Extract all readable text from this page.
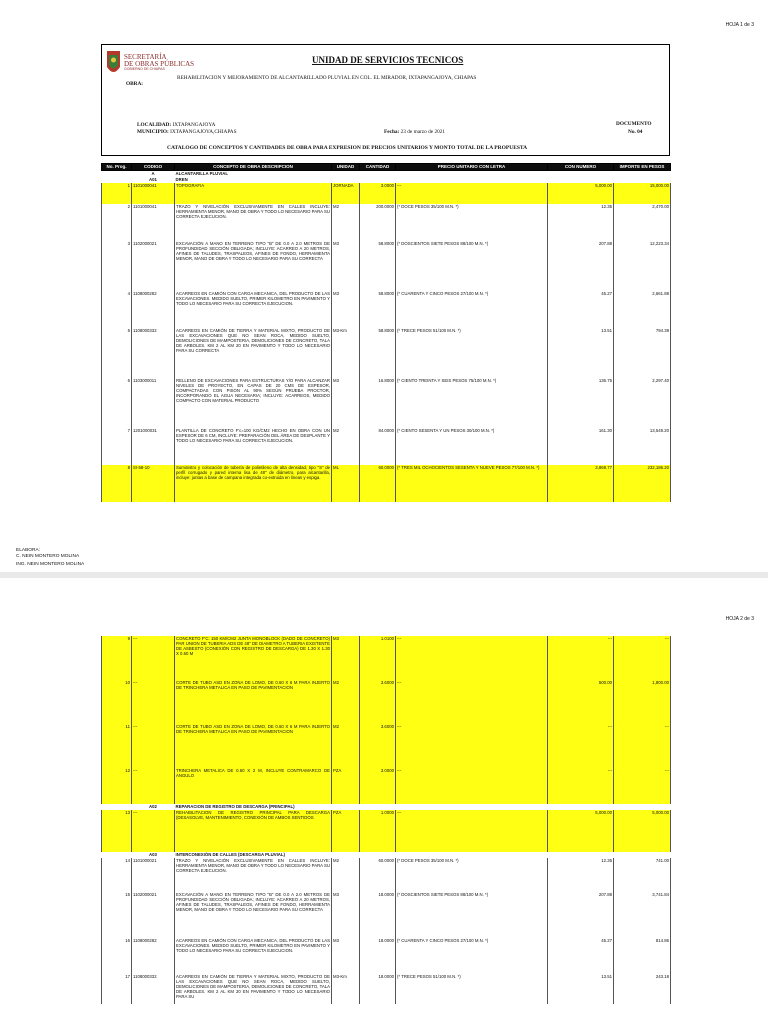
HOJA 1 de 3
SECRETARÍA
DE OBRAS PÚBLICAS
GOBIERNO DE CHIAPAS
UNIDAD DE SERVICIOS TECNICOS
OBRA:
REHABILITACION Y MEJORAMIENTO DE ALCANTARILLADO PLUVIAL EN COL. EL MIRADOR, IXTAPANGAJOYA, CHIAPAS
LOCALIDAD: IXTAPANGAJOYA
MUNICIPIO: IXTAPANGAJOYA,CHIAPAS	Fecha: 23 de marzo de 2021
DOCUMENTO
No. 04
CATALOGO DE CONCEPTOS Y CANTIDADES DE OBRA PARA EXPRESION DE PRECIOS UNITARIOS Y MONTO TOTAL DE LA PROPUESTA
No. Prog.	CODIGO	CONCEPTO DE OBRA DESCRIPCION	UNIDAD	CANTIDAD	PRECIO UNITARIO CON LETRA	CON NUMERO	IMPORTE EN PESOS
	A	ALCANTARILLA PLUVIAL					
	A01	DREN					
1	1101000041	TOPOGRAFIA	JORNADA	3.0000	---	5,000.00	15,000.00
2	1101000041	TRAZO Y NIVELACIÓN EXCLUSIVAMENTE EN CALLES INCLUYE: HERRAMIENTA MENOR, MANO DE OBRA Y TODO LO NECESARIO PARA SU CORRECTA EJECUCION.	M2	200.0000	(* DOCE PESOS 35/100 M.N. *)	12.35	2,470.00
3	1102000021	EXCAVACIÓN A MANO EN TERRENO TIPO "B" DE 0.0 A 2.0 METROS DE PROFUNDIDAD SECCIÓN OBLIGADA; INCLUYE: ACARREO A 20 METROS, AFINES DE TALUDES, TRASPALEOS, AFINES DE FONDO, HERRAMIENTA MENOR, MANO DE OBRA Y TODO LO NECESARIO PARA SU CORRECTA	M3	58.8000	(* DOSCIENTOS SIETE PESOS 88/100 M.N. *)	207.88	12,223.34
4	1108000282	ACARREOS EN CAMIÓN CON CARGA MECANICA, DEL PRODUCTO DE LAS EXCAVACIONES. MEDIDO SUELTO, PRIMER KILOMETRO EN PAVIMENTO Y TODO LO NECESARIO PARA SU CORRECTA EJECUCION.	M3	58.8000	(* CUARENTA Y CINCO PESOS 27/100 M.N. *)	45.27	2,661.88
5	1108000332	ACARREOS EN CAMIÓN DE TIERRA Y MATERIAL MIXTO, PRODUCTO DE LAS EXCAVACIONES QUE NO SEAN ROCA, MEDIDO SUELTO, DEMOLICIONES DE MAMPOSTERIA, DEMOLICIONES DE CONCRETO, TALA DE ARBOLES. KM 2 AL KM 20 EN PAVIMENTO Y TODO LO NECESARIO PARA SU CORRECTA	M3-Km	58.8000	(* TRECE PESOS 51/100 M.N. *)	13.51	794.39
6	1103000011	RELLENO DE EXCAVACIONES PARA ESTRUCTURAS Y/O PARA ALCANZAR NIVELES DE PROYECTO, EN CAPAS DE 20 CMS DE ESPESOR, COMPACTADAS CON PISON AL 90% SEGÚN PRUEBA PROCTOR, INCORPORANDO EL AGUA NECESARIA; INCLUYE: ACARREOS, MEDIDO COMPACTO CON MATERIAL PRODUCTO	M3	16.8000	(* CIENTO TREINTA Y SEIS PESOS 75/100 M.N. *)	136.75	2,297.40
7	1201000031	PLANTILLA DE CONCRETO F'c=100 KG/CM2 HECHO EN OBRA CON UN ESPESOR DE 6 CM, INCLUYE: PREPARACIÓN DEL ÁREA DE DESPLANTE Y TODO LO NECESARIO PARA SU CORRECTA EJECUCION.	M2	84.0000	(* CIENTO SESENTA Y UN PESOS 30/100 M.N. *)	161.30	13,549.20
8	SI-58-10	Suministro y colocación de tubería de polietileno de alta densidad, tipo "S" de perfil corrugado y pared interna lisa de 48" de diámetro, para alcantarilla, incluye: juntas a base de campana integrada co-extruida en lineas y espiga.	ML	60.0000	(* TRES MIL OCHOCIENTOS SESENTA Y NUEVE PESOS 77/100 M.N. *)	3,869.77	232,186.20
ELABORA:
C. NEIN MONTERO MOLINA
ING. NEIN MONTERO MOLINA
HOJA 2 de 3
9	---	CONCRETO F'C: 150 KM/CM2 JUNTA MONOBLOCK (DADO DE CONCRETO) PAR UNION DE TUBERIA ADS DE 48" DE DIAMETRO A TUBERIA EXISTENTE DE ASBESTO (CONEXIÓN CON REGISTRO DE DESCARGA) DE 1.30 X 1.30 X 0.60 M	M3	1.0100	---	---	---
10	---	CORTE DE TUBO ASD EN ZONA DE LOMO, DE 0.60 X 6 M PARA INJERTO DE TRINCHERA METALICA EN PASO DE PAVIMENTACION	M2	3.6000	---	500.00	1,800.00
11	---	CORTE DE TUBO ASD EN ZONA DE LOMO, DE 0.60 X 6 M PARA INJERTO DE TRINCHERA METALICA EN PASO DE PAVIMENTACION	M2	3.6000	---	---	---
12	---	TRINCHERA METALICA DE 0.60 X 2 M, INCLUYE CONTRAMARCO DE ANGULO	PZA	3.0000	---	---	---
	A02	REPARACION DE REGISTRO DE DESCARGA (PRINCIPAL)					
13	---	REHABILITACION DE REGISTRO PRINCIPAL PARA DESCARGA (DESASOLVE, MANTENIMIENTO, CONEXIÓN DE AMBOS SENTIDOS	PZA	1.0000	---	5,000.00	5,000.00
	A03	INTERCONEXIÓN DE CALLES (DESCARGA PLUVIAL)					
14	1101000021	TRAZO Y NIVELACIÓN EXCLUSIVAMENTE EN CALLES INCLUYE: HERRAMIENTA MENOR, MANO DE OBRA Y TODO LO NECESARIO PARA SU CORRECTA EJECUCION.	M2	60.0000	(* DOCE PESOS 35/100 M.N. *)	12.35	741.00
15	1102000021	EXCAVACIÓN A MANO EN TERRENO TIPO "B" DE 0.0 A 2.0 METROS DE PROFUNDIDAD SECCIÓN OBLIGADA; INCLUYE: ACARREO A 20 METROS, AFINES DE TALUDES, TRASPALEOS, AFINES DE FONDO, HERRAMIENTA MENOR, MANO DE OBRA Y TODO LO NECESARIO PARA SU CORRECTA	M3	18.0000	(* DOSCIENTOS SIETE PESOS 88/100 M.N. *)	207.88	3,741.84
16	1108000282	ACARREOS EN CAMIÓN CON CARGA MECANICA, DEL PRODUCTO DE LAS EXCAVACIONES. MEDIDO SUELTO, PRIMER KILOMETRO EN PAVIMENTO Y TODO LO NECESARIO PARA SU CORRECTA EJECUCION.	M3	18.0000	(* CUARENTA Y CINCO PESOS 27/100 M.N. *)	45.27	814.86
17	1108000332	ACARREOS EN CAMIÓN DE TIERRA Y MATERIAL MIXTO, PRODUCTO DE LAS EXCAVACIONES QUE NO SEAN ROCA, MEDIDO SUELTO, DEMOLICIONES DE MAMPOSTERIA, DEMOLICIONES DE CONCRETO, TALA DE ARBOLES. KM 2 AL KM 20 EN PAVIMENTO Y TODO LO NECESARIO PARA SU	M3-Km	18.0000	(* TRECE PESOS 51/100 M.N. *)	13.51	243.18
